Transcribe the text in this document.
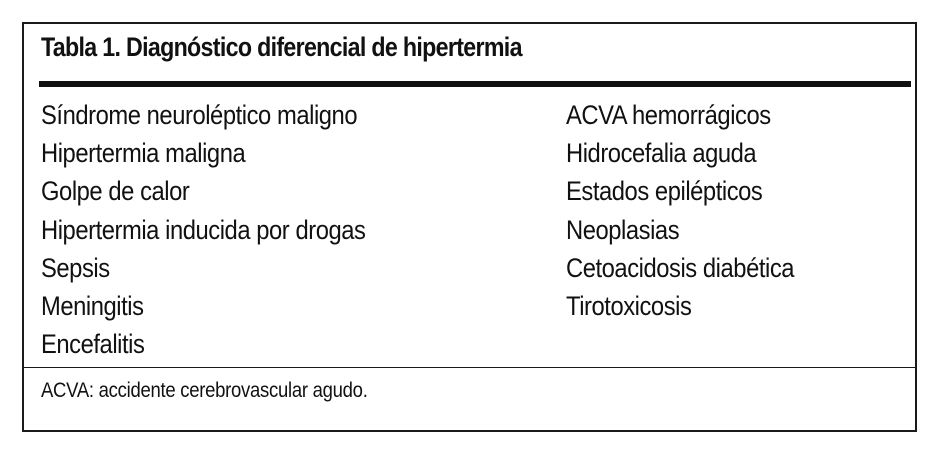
Tabla 1. Diagnóstico diferencial de hipertermia
Síndrome neuroléptico maligno
Hipertermia maligna
Golpe de calor
Hipertermia inducida por drogas
Sepsis
Meningitis
Encefalitis
ACVA hemorrágicos
Hidrocefalia aguda
Estados epilépticos
Neoplasias
Cetoacidosis diabética
Tirotoxicosis
ACVA: accidente cerebrovascular agudo.
